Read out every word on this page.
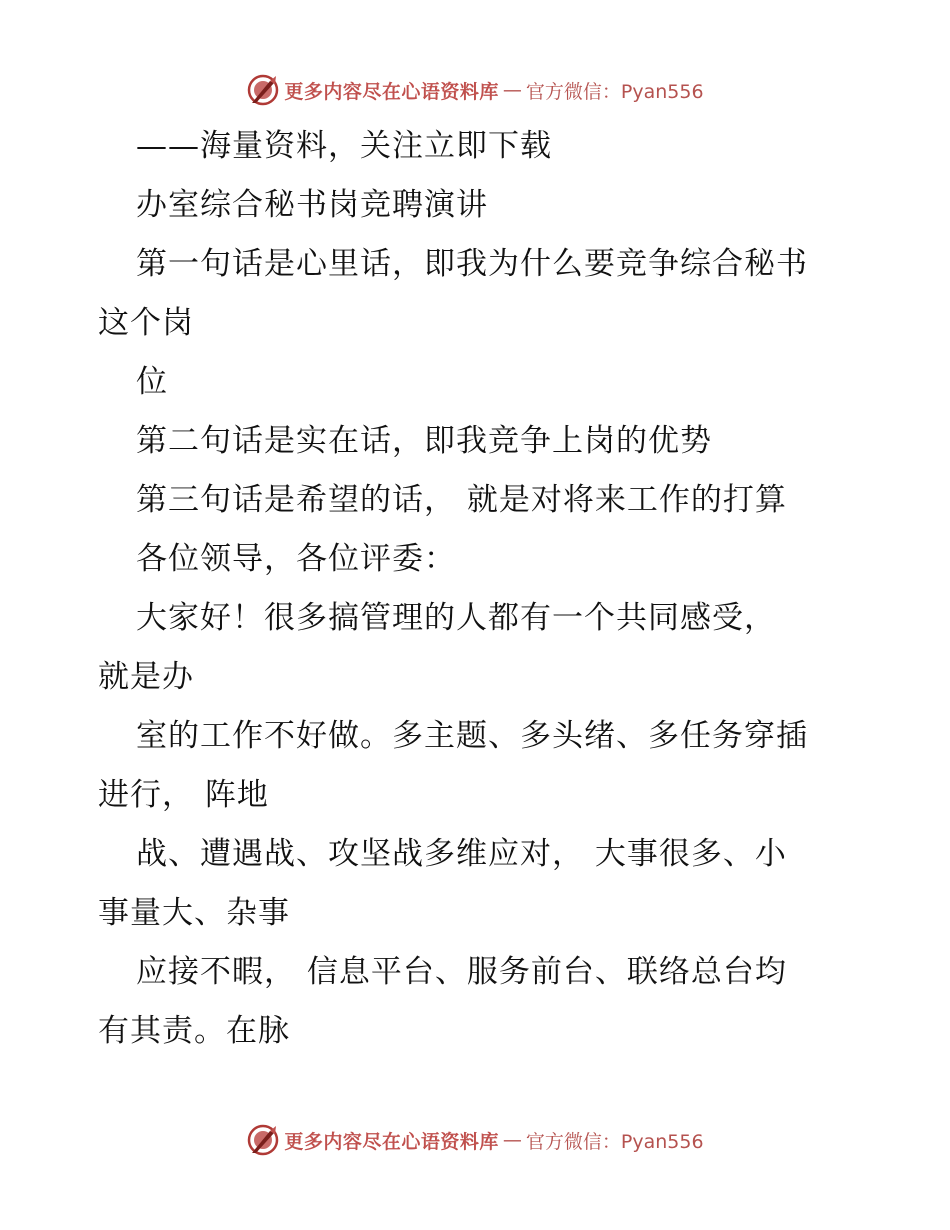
更多内容尽在心语资料库 — 官方微信：Pyan556
——海量资料，关注立即下载
办室综合秘书岗竞聘演讲
第一句话是心里话，即我为什么要竞争综合秘书
这个岗
位
第二句话是实在话，即我竞争上岗的优势
第三句话是希望的话， 就是对将来工作的打算
各位领导，各位评委：
大家好！很多搞管理的人都有一个共同感受，
就是办
室的工作不好做。多主题、多头绪、多任务穿插
进行， 阵地
战、遭遇战、攻坚战多维应对， 大事很多、小
事量大、杂事
应接不暇， 信息平台、服务前台、联络总台均
有其责。在脉
更多内容尽在心语资料库 — 官方微信：Pyan556
